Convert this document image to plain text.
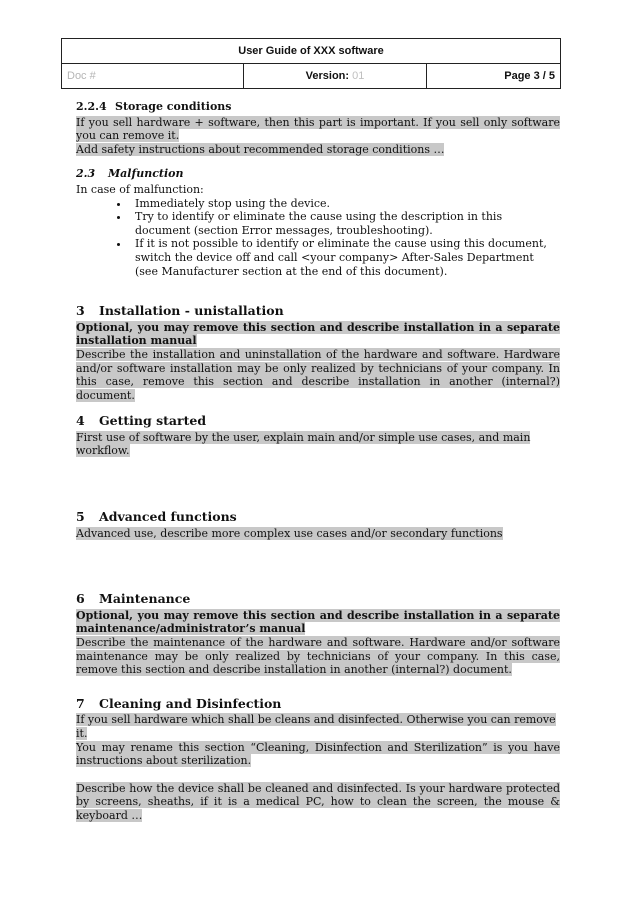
User Guide of XXX software
Doc #	Version: 01	Page 3 / 5
2.2.4 Storage conditions

If you sell hardware + software, then this part is important. If you sell only software you can remove it.

Add safety instructions about recommended storage conditions …

2.3	Malfunction

In case of malfunction:

• Immediately stop using the device.
• Try to identify or eliminate the cause using the description in this document (section Error messages, troubleshooting).
• If it is not possible to identify or eliminate the cause using this document, switch the device off and call <your company> After-Sales Department (see Manufacturer section at the end of this document).
3	Installation - unistallation

Optional, you may remove this section and describe installation in a separate installation manual

Describe the installation and uninstallation of the hardware and software. Hardware and/or software installation may be only realized by technicians of your company. In this case, remove this section and describe installation in another (internal?) document.

4	Getting started

First use of software by the user, explain main and/or simple use cases, and main workflow.

5	Advanced functions

Advanced use, describe more complex use cases and/or secondary functions

6	Maintenance

Optional, you may remove this section and describe installation in a separate maintenance/administrator’s manual

Describe the maintenance of the hardware and software. Hardware and/or software maintenance may be only realized by technicians of your company. In this case, remove this section and describe installation in another (internal?) document.

7	Cleaning and Disinfection

If you sell hardware which shall be cleans and disinfected. Otherwise you can remove it.

You may rename this section “Cleaning, Disinfection and Sterilization” is you have instructions about sterilization.

Describe how the device shall be cleaned and disinfected. Is your hardware protected by screens, sheaths, if it is a medical PC, how to clean the screen, the mouse & keyboard …
